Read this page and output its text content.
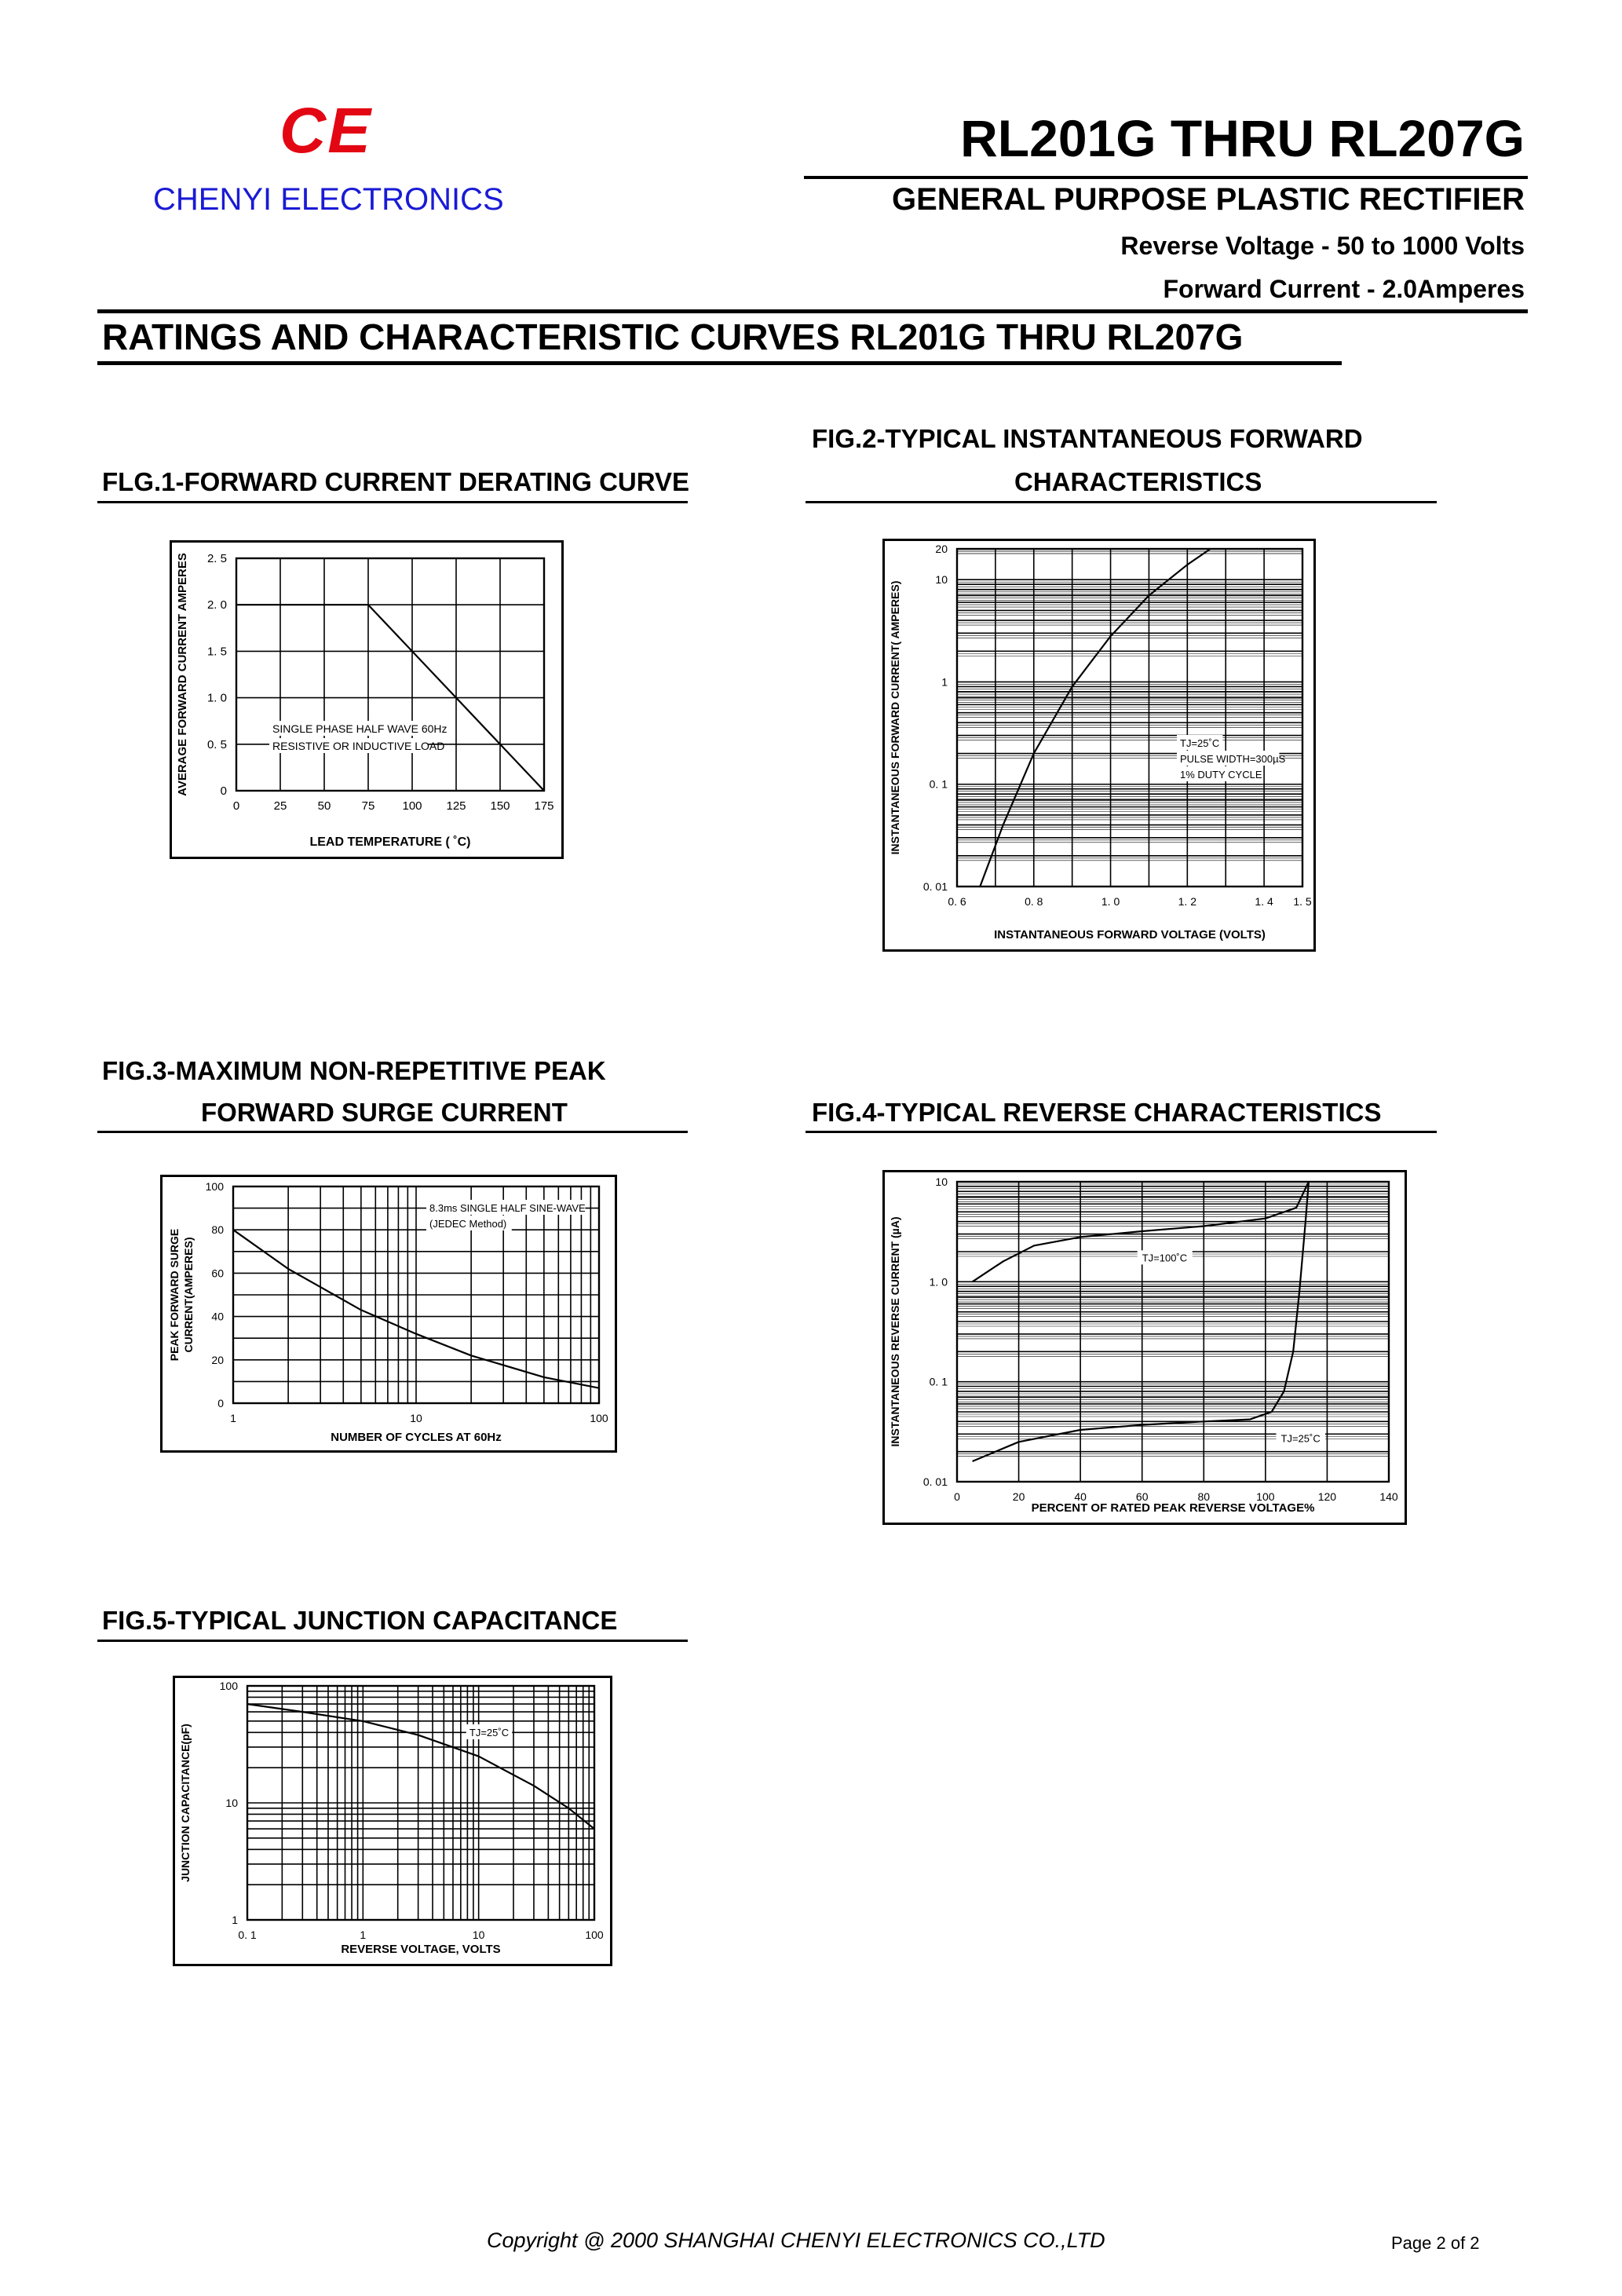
CE
CHENYI ELECTRONICS
RL201G THRU RL207G
GENERAL PURPOSE PLASTIC RECTIFIER
Reverse Voltage - 50 to 1000 Volts
Forward Current - 2.0Amperes
RATINGS AND CHARACTERISTIC CURVES RL201G THRU RL207G
FLG.1-FORWARD CURRENT DERATING CURVE
FIG.2-TYPICAL INSTANTANEOUS FORWARD
CHARACTERISTICS
FIG.3-MAXIMUM NON-REPETITIVE PEAK
FORWARD SURGE CURRENT	FIG.4-TYPICAL REVERSE CHARACTERISTICS
FIG.5-TYPICAL JUNCTION CAPACITANCE
0	25	50	75 100 125 150 175
0
0. 5
1. 0
1. 5
2. 0
2. 5
LEAD TEMPERATURE ( ˚C)
AVERAGE FORWARD CURRENT AMPERES	SINGLE PHASE HALF WAVE 60Hz
RESISTIVE OR INDUCTIVE LOAD
0. 6	0. 8	1. 0	1. 2	1. 4 1. 5
0. 01
0. 1
1
10
20
INSTANTANEOUS FORWARD VOLTAGE (VOLTS)
INSTANTANEOUS FORWARD CURRENT( AMPERES)	TJ=25˚C
PULSE WIDTH=300µS
1% DUTY CYCLE
1	10	100
0
20
40
60
80
100
NUMBER OF CYCLES AT 60Hz
PEAK FORWARD SURGE CURRENT(AMPERES)
8.3ms SINGLE HALF SINE-WAVE
(JEDEC Method)
0	20	40	60	80	100	120	140
0. 01
0. 1
1. 0
10
PERCENT OF RATED PEAK REVERSE VOLTAGE%
INSTANTANEOUS REVERSE CURRENT (µA)	TJ=100˚C
TJ=25˚C
0. 1	1	10	100
1
10
100
REVERSE VOLTAGE, VOLTS
JUNCTION CAPACITANCE(pF)	TJ=25˚C
Copyright @ 2000 SHANGHAI CHENYI ELECTRONICS CO.,LTD	Page 2 of 2
